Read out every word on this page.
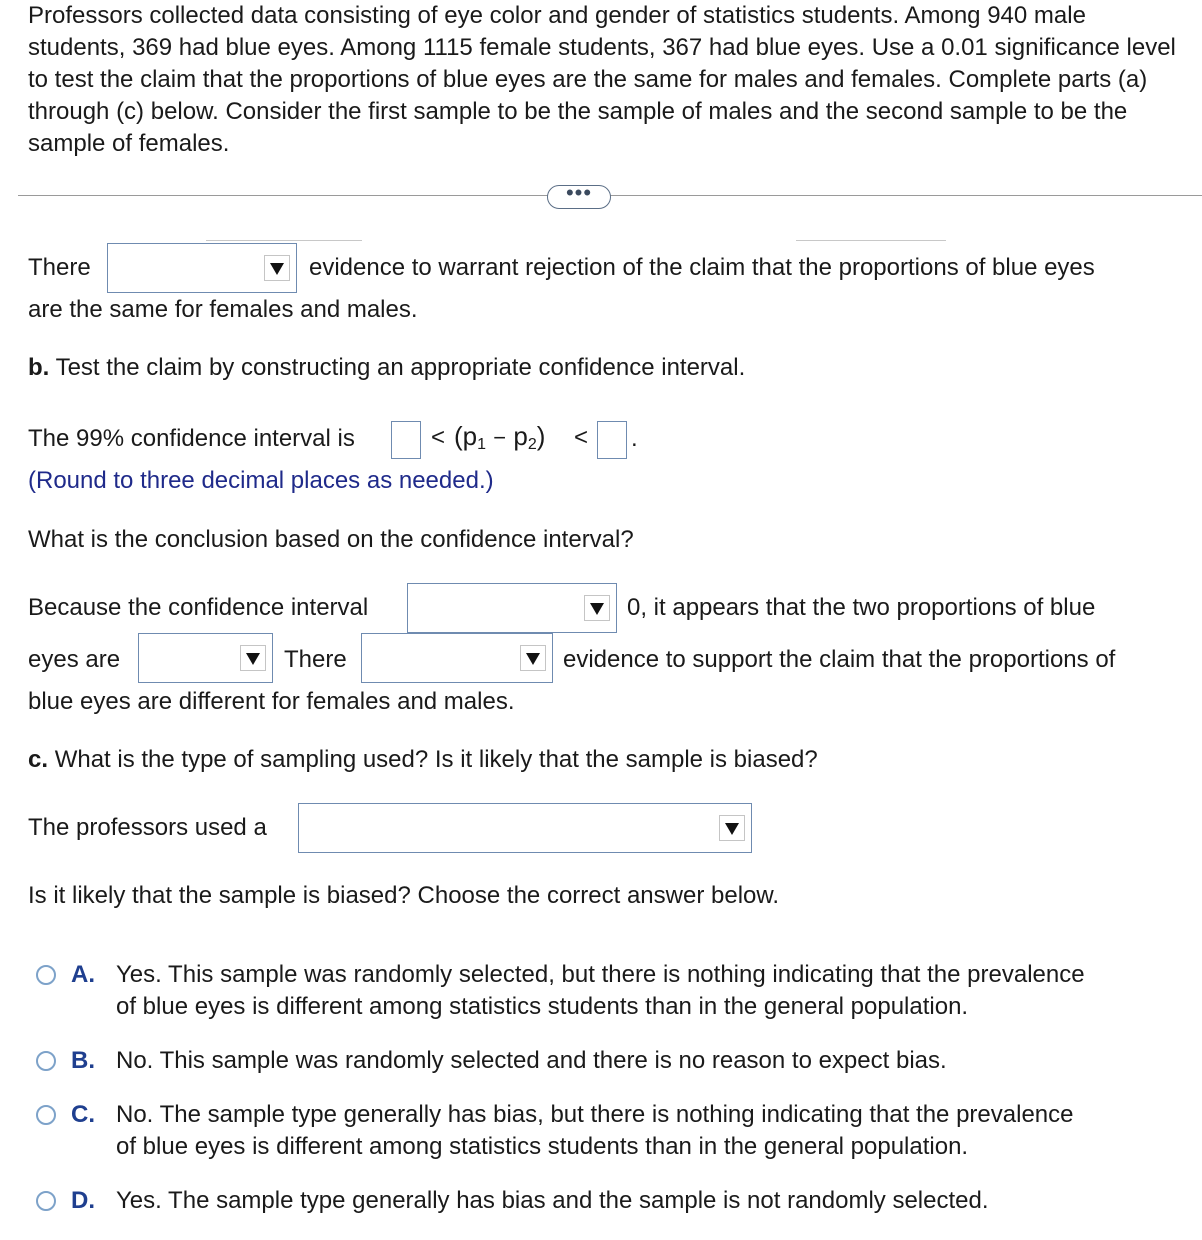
Professors collected data consisting of eye color and gender of statistics students. Among 940 male students, 369 had blue eyes. Among 1115 female students, 367 had blue eyes. Use a 0.01 significance level to test the claim that the proportions of blue eyes are the same for males and females. Complete parts (a) through (c) below. Consider the first sample to be the sample of males and the second sample to be the sample of females.
•••
There	evidence to warrant rejection of the claim that the proportions of blue eyes
are the same for females and males.
b. Test the claim by constructing an appropriate confidence interval.
The 99% confidence interval is	< $(p_1 - p_2)$ < .
(Round to three decimal places as needed.)
What is the conclusion based on the confidence interval?
Because the confidence interval	0, it appears that the two proportions of blue
eyes are	There	evidence to support the claim that the proportions of
blue eyes are different for females and males.
c. What is the type of sampling used? Is it likely that the sample is biased?
The professors used a
Is it likely that the sample is biased? Choose the correct answer below.
A. Yes. This sample was randomly selected, but there is nothing indicating that the prevalence
of blue eyes is different among statistics students than in the general population.
B. No. This sample was randomly selected and there is no reason to expect bias.
C. No. The sample type generally has bias, but there is nothing indicating that the prevalence
of blue eyes is different among statistics students than in the general population.
D. Yes. The sample type generally has bias and the sample is not randomly selected.
